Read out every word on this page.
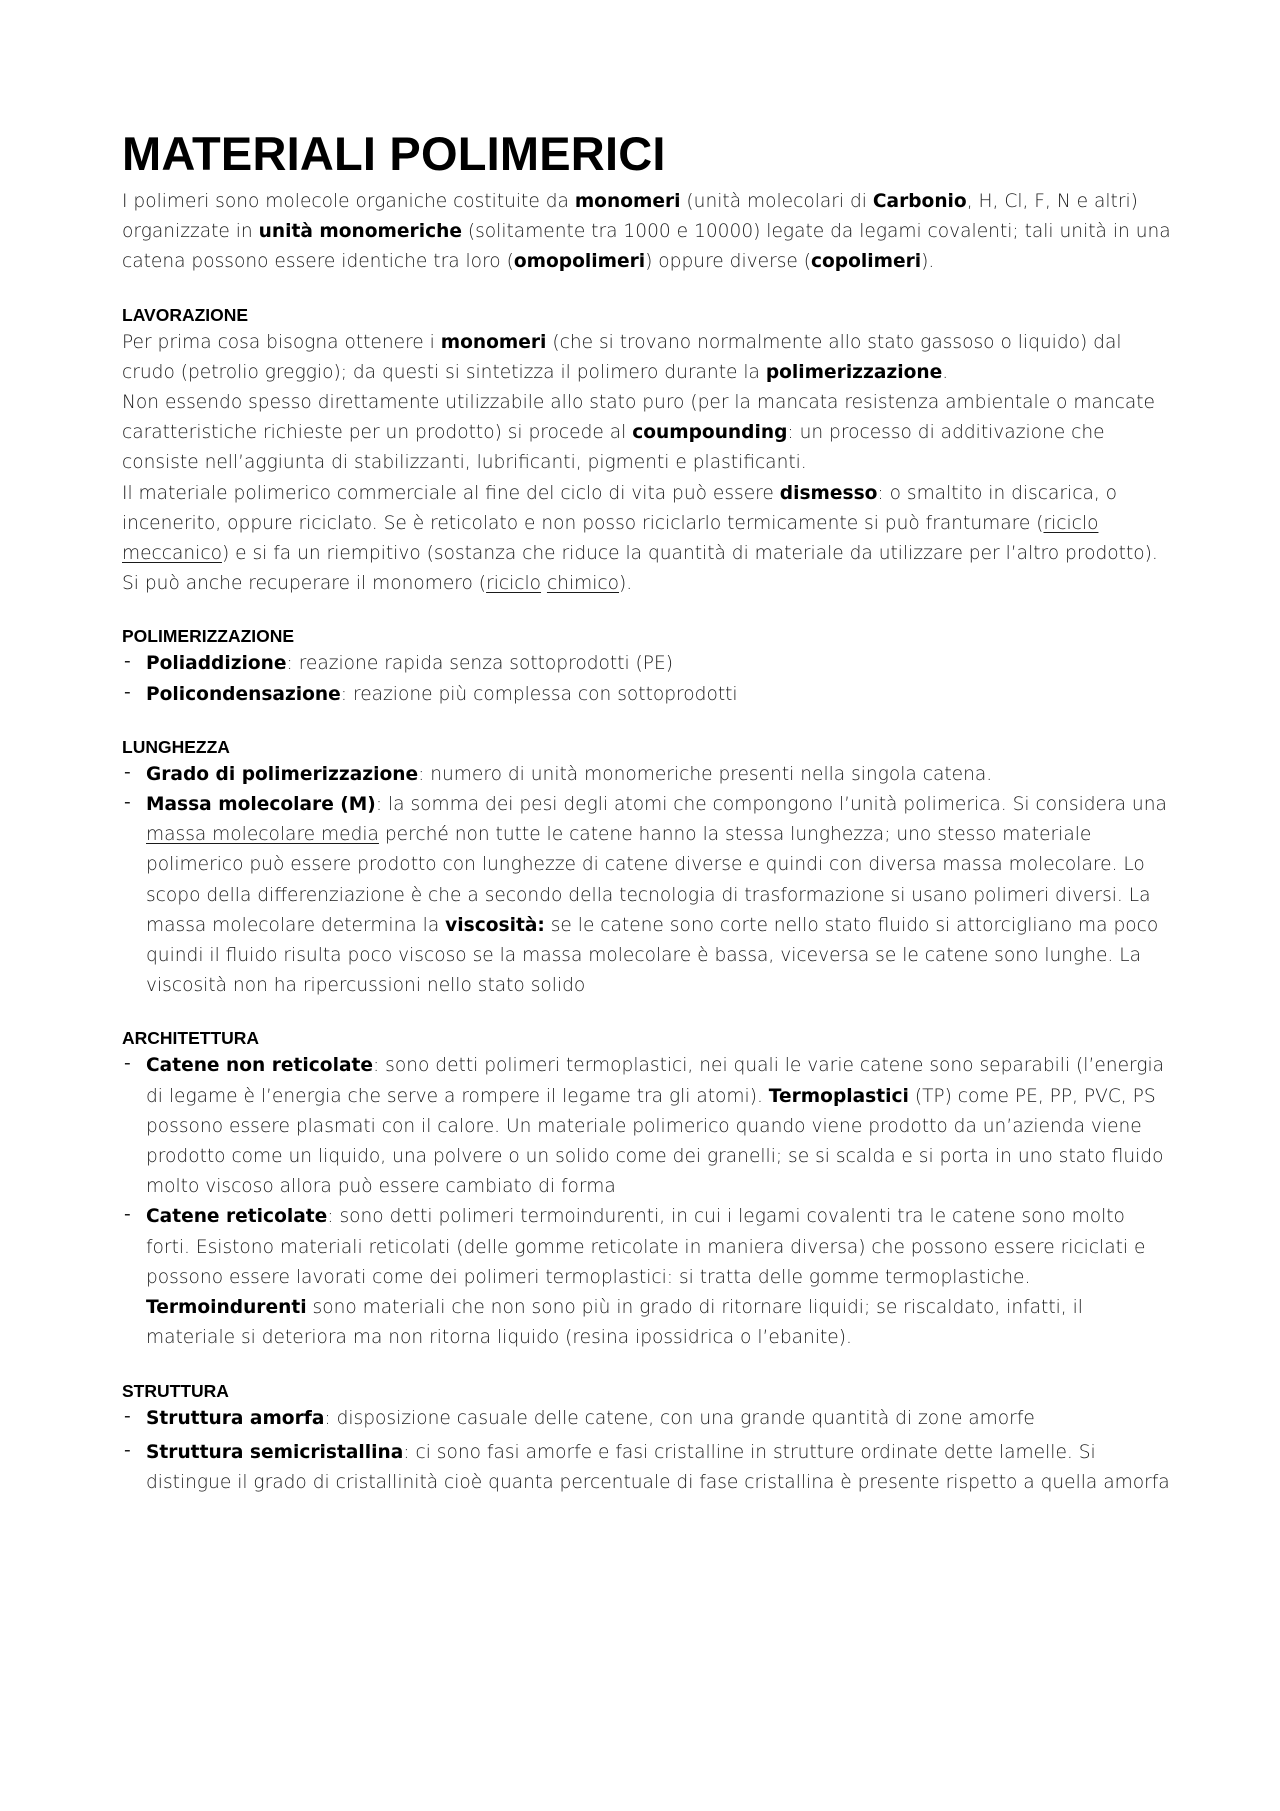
MATERIALI POLIMERICI

I polimeri sono molecole organiche costituite da monomeri (unità molecolari di Carbonio, H, Cl, F, N e altri) organizzate in unità monomeriche (solitamente tra 1000 e 10000) legate da legami covalenti; tali unità in una catena possono essere identiche tra loro (omopolimeri) oppure diverse (copolimeri).

LAVORAZIONE

Per prima cosa bisogna ottenere i monomeri (che si trovano normalmente allo stato gassoso o liquido) dal crudo (petrolio greggio); da questi si sintetizza il polimero durante la polimerizzazione.

Non essendo spesso direttamente utilizzabile allo stato puro (per la mancata resistenza ambientale o mancate caratteristiche richieste per un prodotto) si procede al coumpounding: un processo di additivazione che consiste nell’aggiunta di stabilizzanti, lubrificanti, pigmenti e plastificanti.

Il materiale polimerico commerciale al fine del ciclo di vita può essere dismesso: o smaltito in discarica, o incenerito, oppure riciclato. Se è reticolato e non posso riciclarlo termicamente si può frantumare (riciclo meccanico) e si fa un riempitivo (sostanza che riduce la quantità di materiale da utilizzare per l’altro prodotto). Si può anche recuperare il monomero (riciclo chimico).

POLIMERIZZAZIONE
- Poliaddizione: reazione rapida senza sottoprodotti (PE)
- Policondensazione: reazione più complessa con sottoprodotti
LUNGHEZZA
- Grado di polimerizzazione: numero di unità monomeriche presenti nella singola catena.
- Massa molecolare (M): la somma dei pesi degli atomi che compongono l’unità polimerica. Si considera una massa molecolare media perché non tutte le catene hanno la stessa lunghezza; uno stesso materiale polimerico può essere prodotto con lunghezze di catene diverse e quindi con diversa massa molecolare. Lo scopo della differenziazione è che a secondo della tecnologia di trasformazione si usano polimeri diversi. La massa molecolare determina la viscosità: se le catene sono corte nello stato fluido si attorcigliano ma poco quindi il fluido risulta poco viscoso se la massa molecolare è bassa, viceversa se le catene sono lunghe. La viscosità non ha ripercussioni nello stato solido
ARCHITETTURA
- Catene non reticolate: sono detti polimeri termoplastici, nei quali le varie catene sono separabili (l’energia di legame è l’energia che serve a rompere il legame tra gli atomi). Termoplastici (TP) come PE, PP, PVC, PS possono essere plasmati con il calore. Un materiale polimerico quando viene prodotto da un’azienda viene prodotto come un liquido, una polvere o un solido come dei granelli; se si scalda e si porta in uno stato fluido molto viscoso allora può essere cambiato di forma
- Catene reticolate: sono detti polimeri termoindurenti, in cui i legami covalenti tra le catene sono molto forti. Esistono materiali reticolati (delle gomme reticolate in maniera diversa) che possono essere riciclati e possono essere lavorati come dei polimeri termoplastici: si tratta delle gomme termoplastiche. Termoindurenti sono materiali che non sono più in grado di ritornare liquidi; se riscaldato, infatti, il materiale si deteriora ma non ritorna liquido (resina ipossidrica o l’ebanite).
STRUTTURA
- Struttura amorfa: disposizione casuale delle catene, con una grande quantità di zone amorfe
- Struttura semicristallina: ci sono fasi amorfe e fasi cristalline in strutture ordinate dette lamelle. Si distingue il grado di cristallinità cioè quanta percentuale di fase cristallina è presente rispetto a quella amorfa
